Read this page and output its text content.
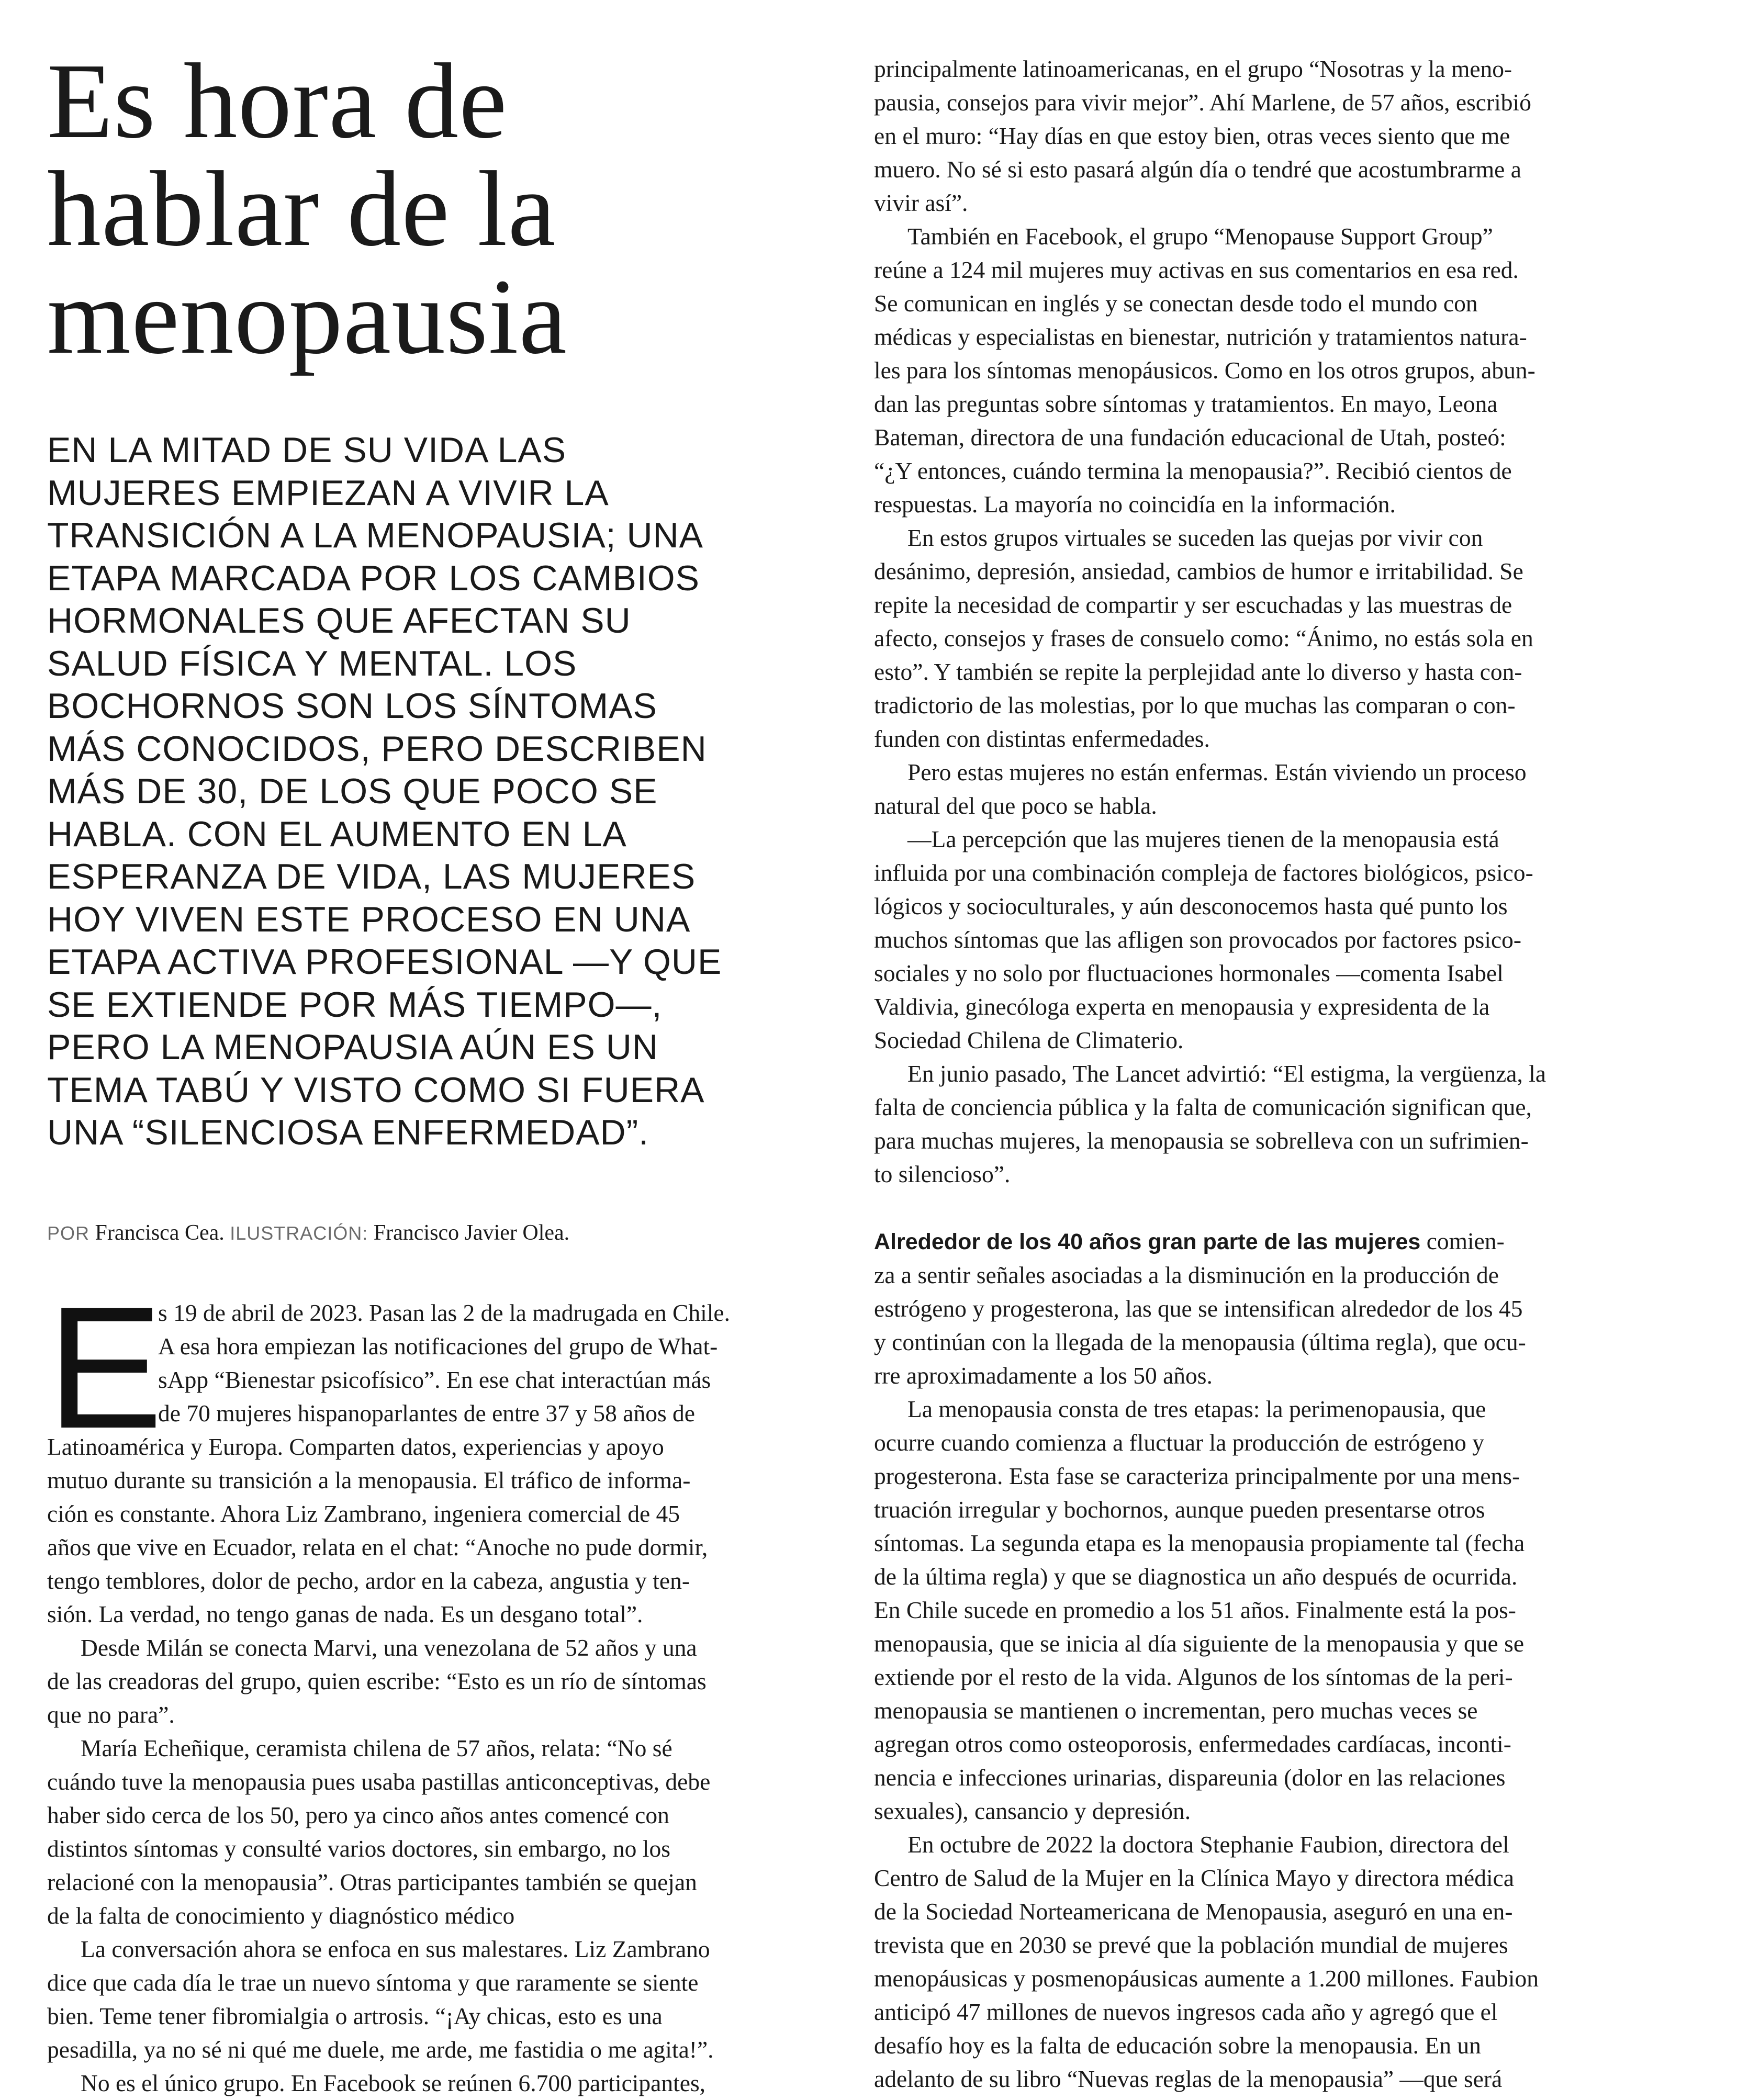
Es hora de
hablar de la
menopausia
EN LA MITAD DE SU VIDA LAS
MUJERES EMPIEZAN A VIVIR LA
TRANSICIÓN A LA MENOPAUSIA; UNA
ETAPA MARCADA POR LOS CAMBIOS
HORMONALES QUE AFECTAN SU
SALUD FÍSICA Y MENTAL. LOS
BOCHORNOS SON LOS SÍNTOMAS
MÁS CONOCIDOS, PERO DESCRIBEN
MÁS DE 30, DE LOS QUE POCO SE
HABLA. CON EL AUMENTO EN LA
ESPERANZA DE VIDA, LAS MUJERES
HOY VIVEN ESTE PROCESO EN UNA
ETAPA ACTIVA PROFESIONAL —Y QUE
SE EXTIENDE POR MÁS TIEMPO—,
PERO LA MENOPAUSIA AÚN ES UN
TEMA TABÚ Y VISTO COMO SI FUERA
UNA “SILENCIOSA ENFERMEDAD”.
POR Francisca Cea. ILUSTRACIÓN: Francisco Javier Olea.
E
s 19 de abril de 2023. Pasan las 2 de la madrugada en Chile.
A esa hora empiezan las notificaciones del grupo de What-
sApp “Bienestar psicofísico”. En ese chat interactúan más
de 70 mujeres hispanoparlantes de entre 37 y 58 años de
Latinoamérica y Europa. Comparten datos, experiencias y apoyo
mutuo durante su transición a la menopausia. El tráfico de informa-
ción es constante. Ahora Liz Zambrano, ingeniera comercial de 45
años que vive en Ecuador, relata en el chat: “Anoche no pude dormir,
tengo temblores, dolor de pecho, ardor en la cabeza, angustia y ten-
sión. La verdad, no tengo ganas de nada. Es un desgano total”.
Desde Milán se conecta Marvi, una venezolana de 52 años y una
de las creadoras del grupo, quien escribe: “Esto es un río de síntomas
que no para”.
María Echeñique, ceramista chilena de 57 años, relata: “No sé
cuándo tuve la menopausia pues usaba pastillas anticonceptivas, debe
haber sido cerca de los 50, pero ya cinco años antes comencé con
distintos síntomas y consulté varios doctores, sin embargo, no los
relacioné con la menopausia”. Otras participantes también se quejan
de la falta de conocimiento y diagnóstico médico
La conversación ahora se enfoca en sus malestares. Liz Zambrano
dice que cada día le trae un nuevo síntoma y que raramente se siente
bien. Teme tener fibromialgia o artrosis. “¡Ay chicas, esto es una
pesadilla, ya no sé ni qué me duele, me arde, me fastidia o me agita!”.
No es el único grupo. En Facebook se reúnen 6.700 participantes,
principalmente latinoamericanas, en el grupo “Nosotras y la meno-
pausia, consejos para vivir mejor”. Ahí Marlene, de 57 años, escribió
en el muro: “Hay días en que estoy bien, otras veces siento que me
muero. No sé si esto pasará algún día o tendré que acostumbrarme a
vivir así”.
También en Facebook, el grupo “Menopause Support Group”
reúne a 124 mil mujeres muy activas en sus comentarios en esa red.
Se comunican en inglés y se conectan desde todo el mundo con
médicas y especialistas en bienestar, nutrición y tratamientos natura-
les para los síntomas menopáusicos. Como en los otros grupos, abun-
dan las preguntas sobre síntomas y tratamientos. En mayo, Leona
Bateman, directora de una fundación educacional de Utah, posteó:
“¿Y entonces, cuándo termina la menopausia?”. Recibió cientos de
respuestas. La mayoría no coincidía en la información.
En estos grupos virtuales se suceden las quejas por vivir con
desánimo, depresión, ansiedad, cambios de humor e irritabilidad. Se
repite la necesidad de compartir y ser escuchadas y las muestras de
afecto, consejos y frases de consuelo como: “Ánimo, no estás sola en
esto”. Y también se repite la perplejidad ante lo diverso y hasta con-
tradictorio de las molestias, por lo que muchas las comparan o con-
funden con distintas enfermedades.
Pero estas mujeres no están enfermas. Están viviendo un proceso
natural del que poco se habla.
—La percepción que las mujeres tienen de la menopausia está
influida por una combinación compleja de factores biológicos, psico-
lógicos y socioculturales, y aún desconocemos hasta qué punto los
muchos síntomas que las afligen son provocados por factores psico-
sociales y no solo por fluctuaciones hormonales —comenta Isabel
Valdivia, ginecóloga experta en menopausia y expresidenta de la
Sociedad Chilena de Climaterio.
En junio pasado, The Lancet advirtió: “El estigma, la vergüenza, la
falta de conciencia pública y la falta de comunicación significan que,
para muchas mujeres, la menopausia se sobrelleva con un sufrimien-
to silencioso”.
Alrededor de los 40 años gran parte de las mujeres comien-
za a sentir señales asociadas a la disminución en la producción de
estrógeno y progesterona, las que se intensifican alrededor de los 45
y continúan con la llegada de la menopausia (última regla), que ocu-
rre aproximadamente a los 50 años.
La menopausia consta de tres etapas: la perimenopausia, que
ocurre cuando comienza a fluctuar la producción de estrógeno y
progesterona. Esta fase se caracteriza principalmente por una mens-
truación irregular y bochornos, aunque pueden presentarse otros
síntomas. La segunda etapa es la menopausia propiamente tal (fecha
de la última regla) y que se diagnostica un año después de ocurrida.
En Chile sucede en promedio a los 51 años. Finalmente está la pos-
menopausia, que se inicia al día siguiente de la menopausia y que se
extiende por el resto de la vida. Algunos de los síntomas de la peri-
menopausia se mantienen o incrementan, pero muchas veces se
agregan otros como osteoporosis, enfermedades cardíacas, inconti-
nencia e infecciones urinarias, dispareunia (dolor en las relaciones
sexuales), cansancio y depresión.
En octubre de 2022 la doctora Stephanie Faubion, directora del
Centro de Salud de la Mujer en la Clínica Mayo y directora médica
de la Sociedad Norteamericana de Menopausia, aseguró en una en-
trevista que en 2030 se prevé que la población mundial de mujeres
menopáusicas y posmenopáusicas aumente a 1.200 millones. Faubion
anticipó 47 millones de nuevos ingresos cada año y agregó que el
desafío hoy es la falta de educación sobre la menopausia. En un
adelanto de su libro “Nuevas reglas de la menopausia” —que será
